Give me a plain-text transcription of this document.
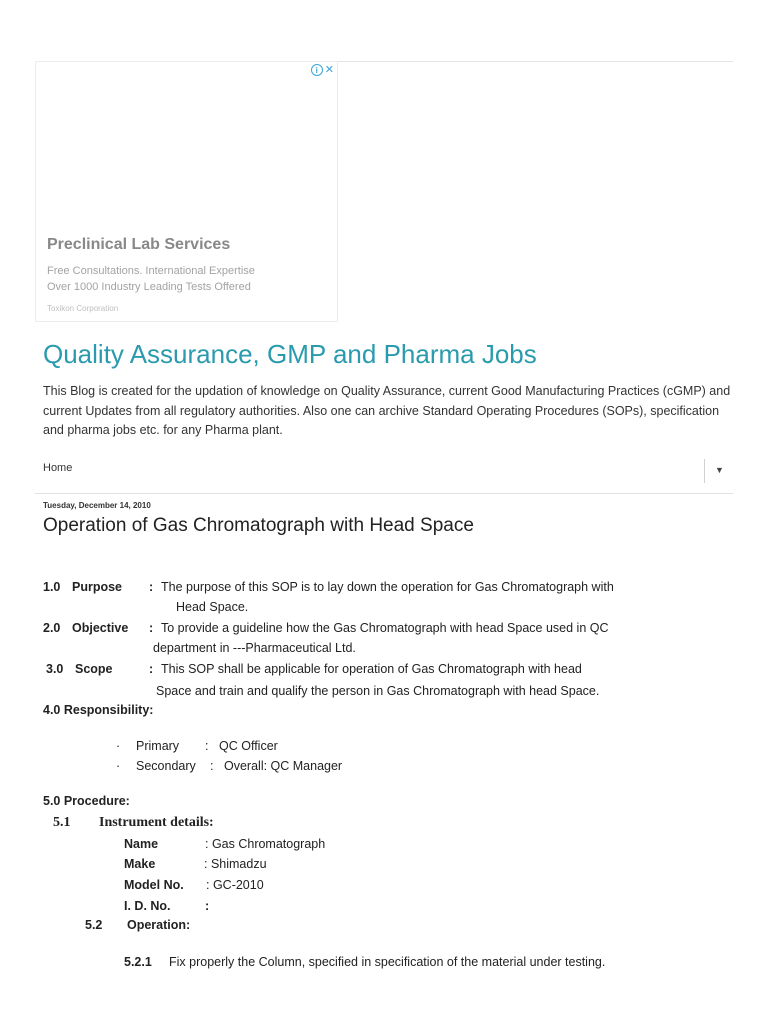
i ✕
Preclinical Lab Services
Free Consultations. International Expertise
Over 1000 Industry Leading Tests Offered
Toxikon Corporation
Quality Assurance, GMP and Pharma Jobs
This Blog is created for the updation of knowledge on Quality Assurance, current Good Manufacturing Practices (cGMP) and current Updates from all regulatory authorities. Also one can archive Standard Operating Procedures (SOPs), specification and pharma jobs etc. for any Pharma plant.
Home	▼
Tuesday, December 14, 2010
Operation of Gas Chromatograph with Head Space
1.0 Purpose : The purpose of this SOP is to lay down the operation for Gas Chromatograph with
Head Space.
2.0 Objective : To provide a guideline how the Gas Chromatograph with head Space used in QC
department in ---Pharmaceutical Ltd.
3.0 Scope	: This SOP shall be applicable for operation of Gas Chromatograph with head
Space and train and qualify the person in Gas Chromatograph with head Space.
4.0 Responsibility:
· Primary : QC Officer
· Secondary : Overall: QC Manager
5.0 Procedure:
5.1 Instrument details:
Name	: Gas Chromatograph
Make	: Shimadzu
Model No. : GC-2010
I. D. No.	:
5.2 Operation:
5.2.1 Fix properly the Column, specified in specification of the material under testing.
